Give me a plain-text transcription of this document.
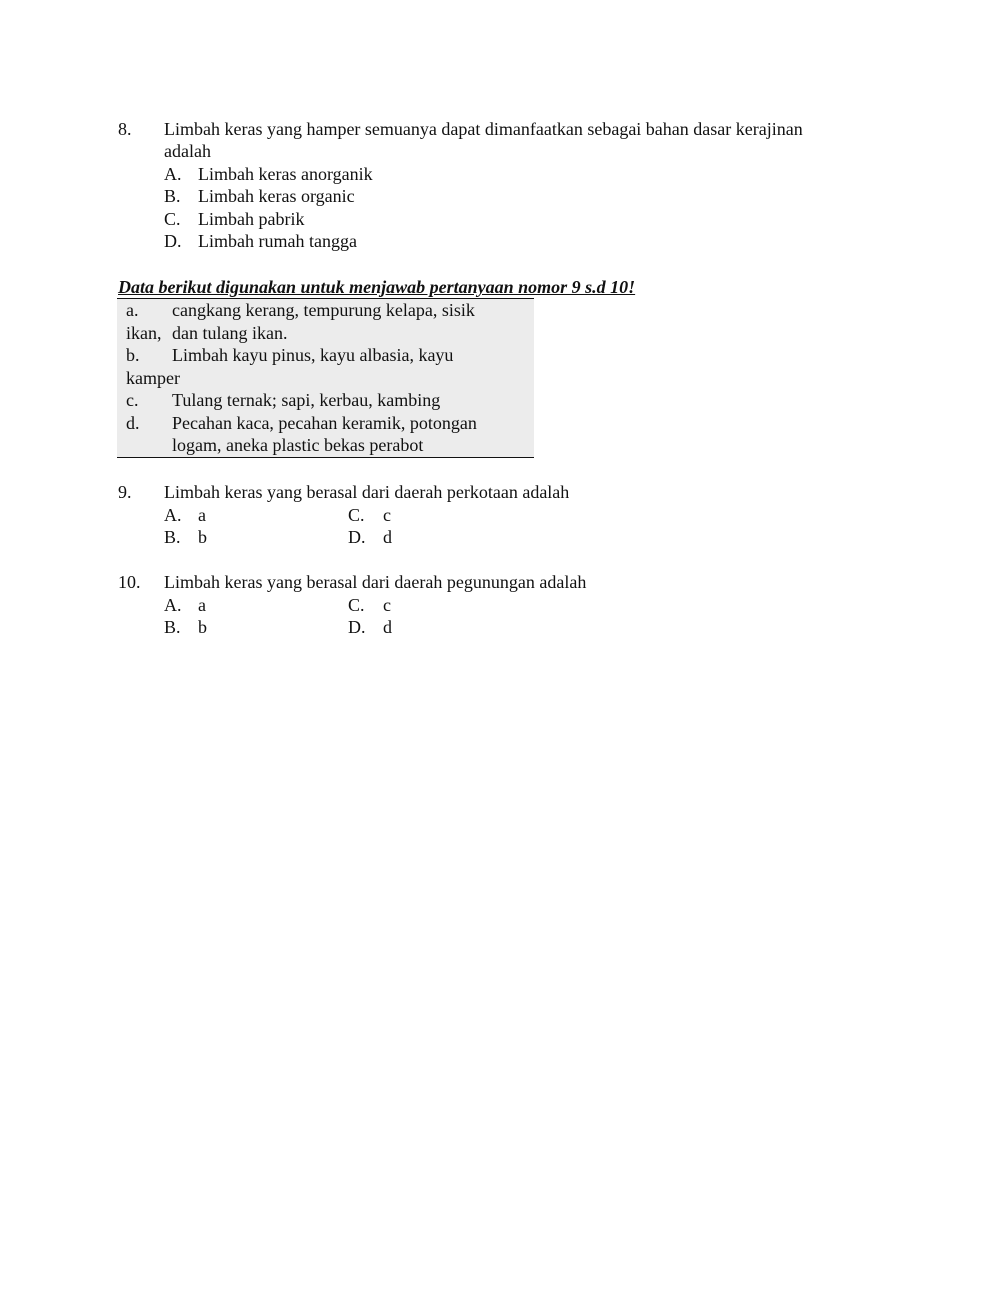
8. Limbah keras yang hamper semuanya dapat dimanfaatkan sebagai bahan dasar kerajinan
adalah
A. Limbah keras anorganik
B. Limbah keras organic
C. Limbah pabrik
D. Limbah rumah tangga
Data berikut digunakan untuk menjawab pertanyaan nomor 9 s.d 10!
a. cangkang kerang, tempurung kelapa, sisik
ikan, dan tulang ikan.
b. Limbah kayu pinus, kayu albasia, kayu
kamper
c. Tulang ternak; sapi, kerbau, kambing
d. Pecahan kaca, pecahan keramik, potongan
logam, aneka plastic bekas perabot
9. Limbah keras yang berasal dari daerah perkotaan adalah
A. a	C. c
B. b	D. d
10. Limbah keras yang berasal dari daerah pegunungan adalah
A. a	C. c
B. b	D. d
